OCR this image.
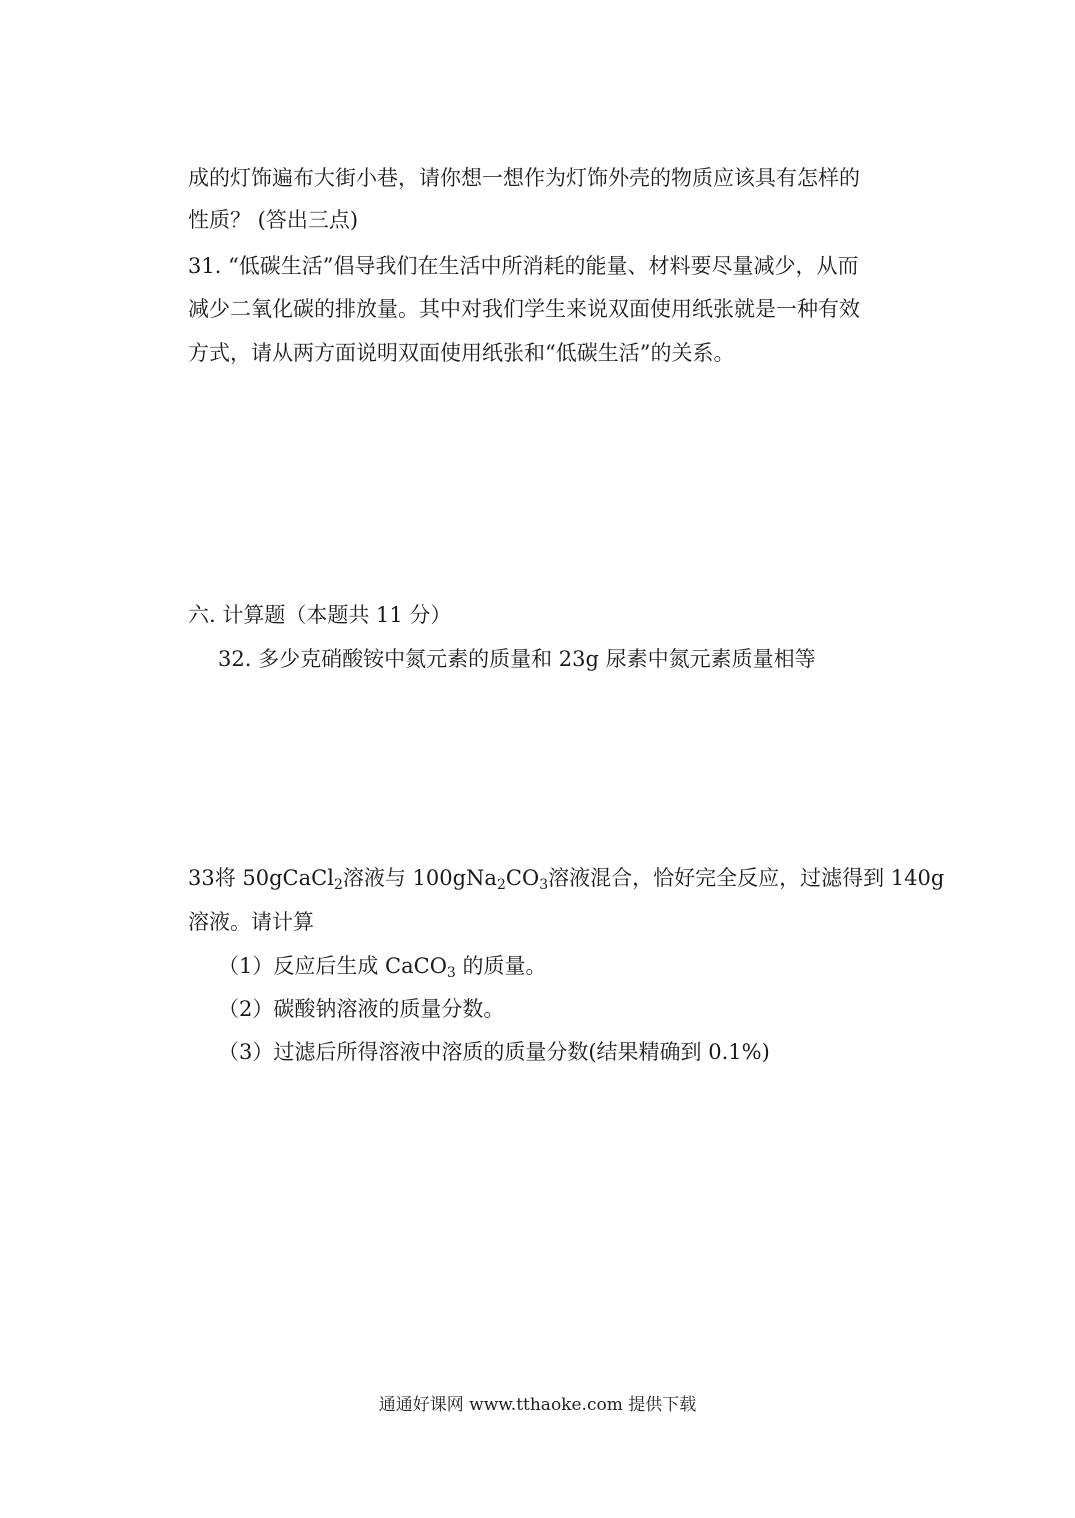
成的灯饰遍布大街小巷，请你想一想作为灯饰外壳的物质应该具有怎样的
性质？ (答出三点)
31. “低碳生活”倡导我们在生活中所消耗的能量、材料要尽量减少，从而
减少二氧化碳的排放量。其中对我们学生来说双面使用纸张就是一种有效
方式，请从两方面说明双面使用纸张和“低碳生活”的关系。
六. 计算题（本题共 11 分）
32. 多少克硝酸铵中氮元素的质量和 23g 尿素中氮元素质量相等
33将 50gCaCl$_2$溶液与 $100gNa_2CO_3$溶液混合，恰好完全反应，过滤得到 140g
溶液。请计算
（1）反应后生成 CaCO$_3$ 的质量。
（2）碳酸钠溶液的质量分数。
（3）过滤后所得溶液中溶质的质量分数(结果精确到 0.1%)
通通好课网 www.tthaoke.com 提供下载
